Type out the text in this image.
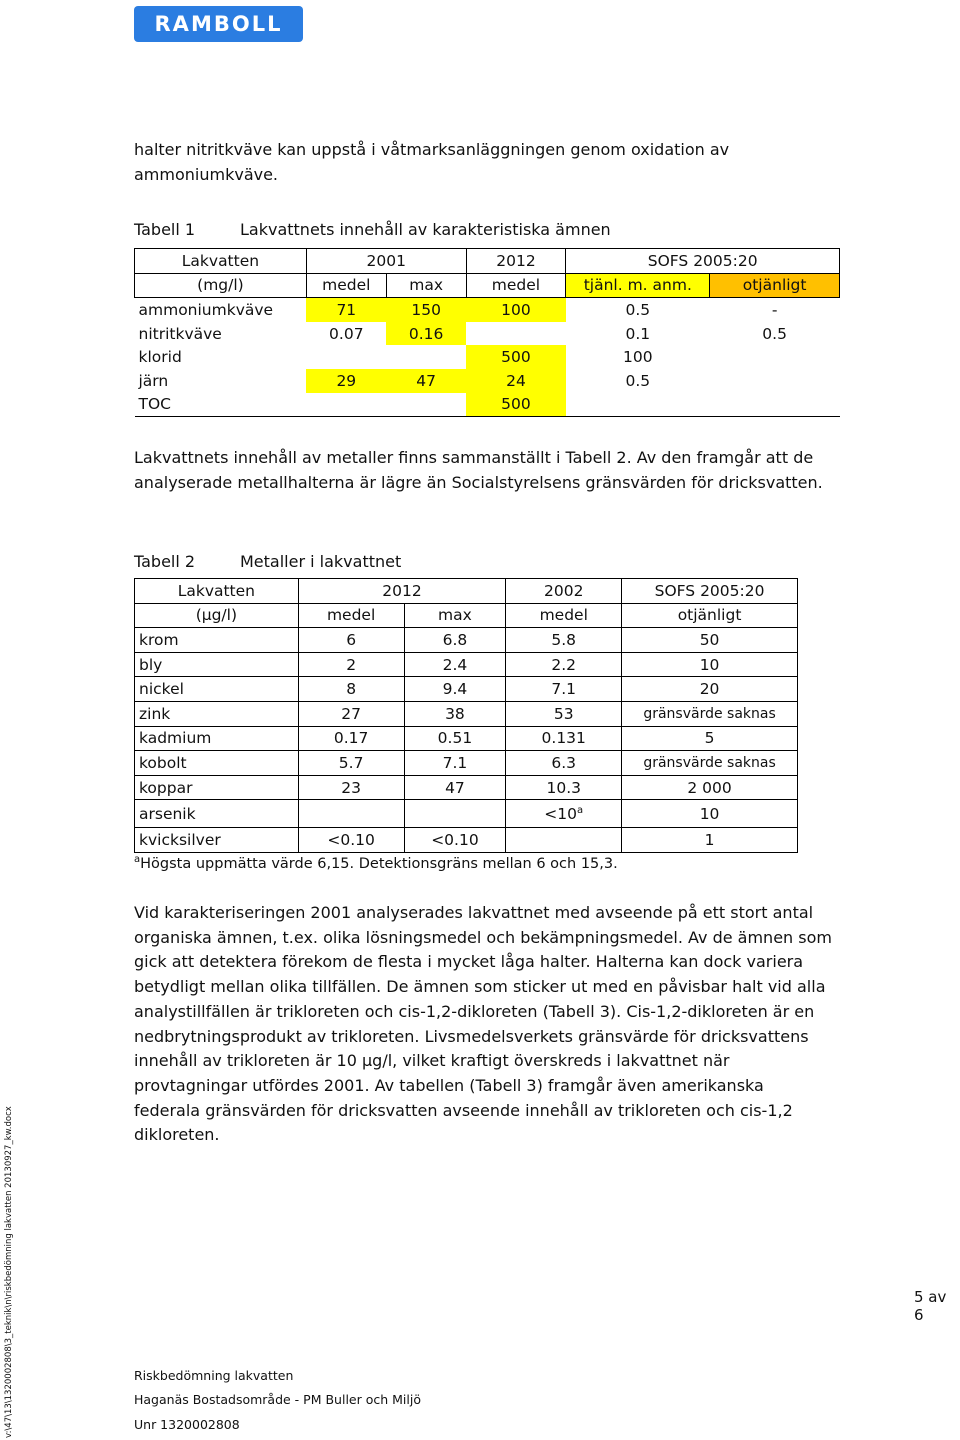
RAMBOLL

halter nitritkväve kan uppstå i våtmarksanläggningen genom oxidation av ammoniumkväve.

Tabell 1	Lakvattnets innehåll av karakteristiska ämnen
Lakvatten	2001		2012	SOFS 2005:20	
(mg/l)	medel	max	medel	tjänl. m. anm.	otjänligt
ammoniumkväve	71	150	100	0.5	-
nitritkväve	0.07	0.16		0.1	0.5
klorid			500	100	
järn	29	47	24	0.5	
TOC			500		

Lakvattnets innehåll av metaller finns sammanställt i Tabell 2. Av den framgår att de analyserade metallhalterna är lägre än Socialstyrelsens gränsvärden för dricksvatten.

Tabell 2	Metaller i lakvattnet
Lakvatten	2012		2002	SOFS 2005:20
(µg/l)	medel	max	medel	otjänligt
krom	6	6.8	5.8	50
bly	2	2.4	2.2	10
nickel	8	9.4	7.1	20
zink	27	38	53	gränsvärde saknas
kadmium	0.17	0.51	0.131	5
kobolt	5.7	7.1	6.3	gränsvärde saknas
koppar	23	47	10.3	2 000
arsenik			$<10^a$	10
kvicksilver	<0.10	<0.10		1
$^a$Högsta uppmätta värde 6,15. Detektionsgräns mellan 6 och 15,3.

Vid karakteriseringen 2001 analyserades lakvattnet med avseende på ett stort antal organiska ämnen, t.ex. olika lösningsmedel och bekämpningsmedel. Av de ämnen som gick att detektera förekom de flesta i mycket låga halter. Halterna kan dock variera betydligt mellan olika tillfällen. De ämnen som sticker ut med en påvisbar halt vid alla analystillfällen är trikloreten och cis-1,2-dikloreten (Tabell 3). Cis-1,2-dikloreten är en nedbrytningsprodukt av trikloreten. Livsmedelsverkets gränsvärde för dricksvattens innehåll av trikloreten är 10 µg/l, vilket kraftigt överskreds i lakvattnet när provtagningar utfördes 2001. Av tabellen (Tabell 3) framgår även amerikanska federala gränsvärden för dricksvatten avseende innehåll av trikloreten och cis-1,2 dikloreten.

v:\47\13\1320002808\3_teknik\n\riskbedömning lakvatten 20130927_kw.docx	5 av 6
Riskbedömning lakvatten
Haganäs Bostadsområde - PM Buller och Miljö
Unr 1320002808
